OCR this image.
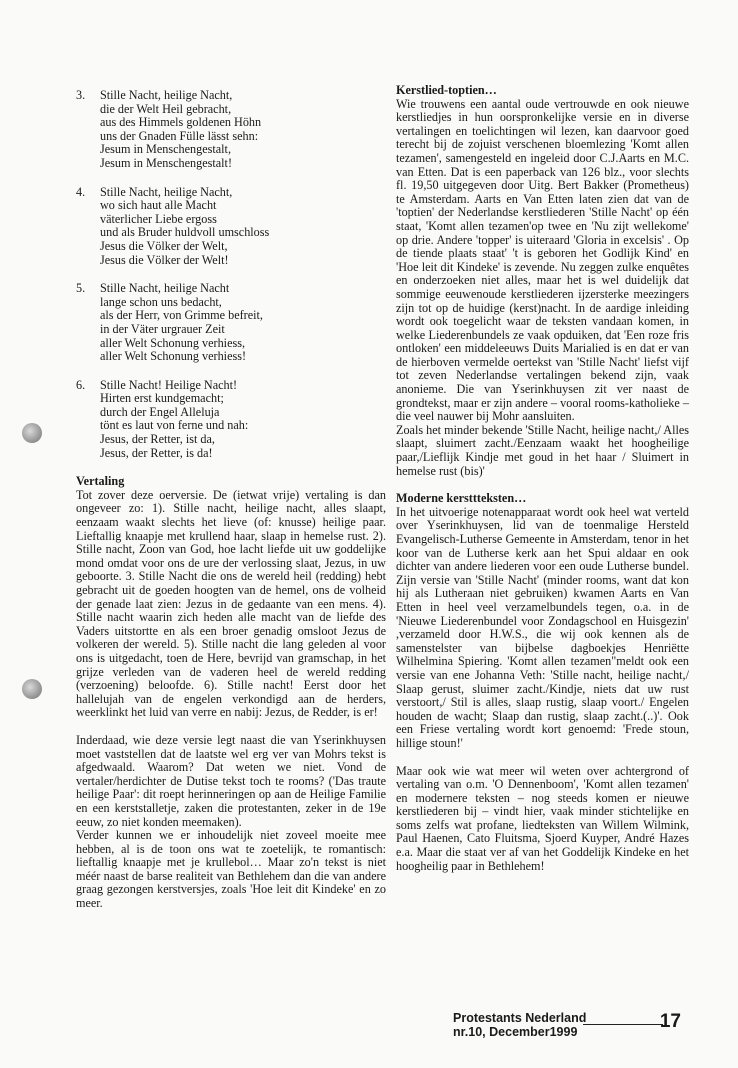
3.	Stille Nacht, heilige Nacht,
die der Welt Heil gebracht,
aus des Himmels goldenen Höhn
uns der Gnaden Fülle lässt sehn:
Jesum in Menschengestalt,
Jesum in Menschengestalt!
4.	Stille Nacht, heilige Nacht,
wo sich haut alle Macht
väterlicher Liebe ergoss
und als Bruder huldvoll umschloss
Jesus die Völker der Welt,
Jesus die Völker der Welt!
5.	Stille Nacht, heilige Nacht
lange schon uns bedacht,
als der Herr, von Grimme befreit,
in der Väter urgrauer Zeit
aller Welt Schonung verhiess,
aller Welt Schonung verhiess!
6.	Stille Nacht! Heilige Nacht!
Hirten erst kundgemacht;
durch der Engel Alleluja
tönt es laut von ferne und nah:
Jesus, der Retter, ist da,
Jesus, der Retter, is da!
Vertaling

Tot zover deze oerversie. De (ietwat vrije) vertaling is dan ongeveer zo: 1). Stille nacht, heilige nacht, alles slaapt, eenzaam waakt slechts het lieve (of: knusse) heilige paar. Lieftallig knaapje met krullend haar, slaap in hemelse rust. 2). Stille nacht, Zoon van God, hoe lacht liefde uit uw goddelijke mond omdat voor ons de ure der verlossing slaat, Jezus, in uw geboorte. 3. Stille Nacht die ons de wereld heil (redding) hebt gebracht uit de goeden hoogten van de hemel, ons de volheid der genade laat zien: Jezus in de gedaante van een mens. 4). Stille nacht waarin zich heden alle macht van de liefde des Vaders uitstortte en als een broer genadig omsloot Jezus de volkeren der wereld. 5). Stille nacht die lang geleden al voor ons is uitgedacht, toen de Here, bevrijd van gramschap, in het grijze verleden van de vaderen heel de wereld redding (verzoening) beloofde. 6). Stille nacht! Eerst door het hallelujah van de engelen verkondigd aan de herders, weerklinkt het luid van verre en nabij: Jezus, de Redder, is er!

Inderdaad, wie deze versie legt naast die van Yserinkhuysen moet vaststellen dat de laatste wel erg ver van Mohrs tekst is afgedwaald. Waarom? Dat weten we niet. Vond de vertaler/herdichter de Dutise tekst toch te rooms? ('Das traute heilige Paar': dit roept herinneringen op aan de Heilige Familie en een kerststalletje, zaken die protestanten, zeker in de 19e eeuw, zo niet konden meemaken).

Verder kunnen we er inhoudelijk niet zoveel moeite mee hebben, al is de toon ons wat te zoetelijk, te romantisch: lieftallig knaapje met je krullebol… Maar zo'n tekst is niet méér naast de barse realiteit van Bethlehem dan die van andere graag gezongen kerstversjes, zoals 'Hoe leit dit Kindeke' en zo meer.

Kerstlied-toptien…

Wie trouwens een aantal oude vertrouwde en ook nieuwe kerstliedjes in hun oorspronkelijke versie en in diverse vertalingen en toelichtingen wil lezen, kan daarvoor goed terecht bij de zojuist verschenen bloemlezing 'Komt allen tezamen', samengesteld en ingeleid door C.J.Aarts en M.C. van Etten. Dat is een paperback van 126 blz., voor slechts fl. 19,50 uitgegeven door Uitg. Bert Bakker (Prometheus) te Amsterdam. Aarts en Van Etten laten zien dat van de 'toptien' der Nederlandse kerstliederen 'Stille Nacht' op één staat, 'Komt allen tezamen'op twee en 'Nu zijt wellekome' op drie. Andere 'topper' is uiteraard 'Gloria in excelsis' . Op de tiende plaats staat' 't is geboren het Godlijk Kind' en 'Hoe leit dit Kindeke' is zevende. Nu zeggen zulke enquêtes en onderzoeken niet alles, maar het is wel duidelijk dat sommige eeuwenoude kerstliederen ijzersterke meezingers zijn tot op de huidige (kerst)nacht. In de aardige inleiding wordt ook toegelicht waar de teksten vandaan komen, in welke Liederenbundels ze vaak opduiken, dat 'Een roze fris ontloken' een middeleeuws Duits Marialied is en dat er van de hierboven vermelde oertekst van 'Stille Nacht' liefst vijf tot zeven Nederlandse vertalingen bekend zijn, vaak anonieme. Die van Yserinkhuysen zit ver naast de grondtekst, maar er zijn andere – vooral rooms-katholieke – die veel nauwer bij Mohr aansluiten.

Zoals het minder bekende 'Stille Nacht, heilige nacht,/ Alles slaapt, sluimert zacht./Eenzaam waakt het hoogheilige paar,/Lieflijk Kindje met goud in het haar / Sluimert in hemelse rust (bis)'

Moderne kersttteksten…

In het uitvoerige notenapparaat wordt ook heel wat verteld over Yserinkhuysen, lid van de toenmalige Hersteld Evangelisch-Lutherse Gemeente in Amsterdam, tenor in het koor van de Lutherse kerk aan het Spui aldaar en ook dichter van andere liederen voor een oude Lutherse bundel. Zijn versie van 'Stille Nacht' (minder rooms, want dat kon hij als Lutheraan niet gebruiken) kwamen Aarts en Van Etten in heel veel verzamelbundels tegen, o.a. in de 'Nieuwe Liederenbundel voor Zondagschool en Huisgezin' ,verzameld door H.W.S., die wij ook kennen als de samenstelster van bijbelse dagboekjes Henriëtte Wilhelmina Spiering. 'Komt allen tezamen"meldt ook een versie van ene Johanna Veth: 'Stille nacht, heilige nacht,/ Slaap gerust, sluimer zacht./Kindje, niets dat uw rust verstoort,/ Stil is alles, slaap rustig, slaap voort./ Engelen houden de wacht; Slaap dan rustig, slaap zacht.(..)'. Ook een Friese vertaling wordt kort genoemd: 'Frede stoun, hillige stoun!'

Maar ook wie wat meer wil weten over achtergrond of vertaling van o.m. 'O Dennenboom', 'Komt allen tezamen' en modernere teksten – nog steeds komen er nieuwe kerstliederen bij – vindt hier, vaak minder stichtelijke en soms zelfs wat profane, liedteksten van Willem Wilmink, Paul Haenen, Cato Fluitsma, Sjoerd Kuyper, André Hazes e.a. Maar die staat ver af van het Goddelijk Kindeke en het hoogheilig paar in Bethlehem!

Protestants Nederland
nr.10, December1999	17
